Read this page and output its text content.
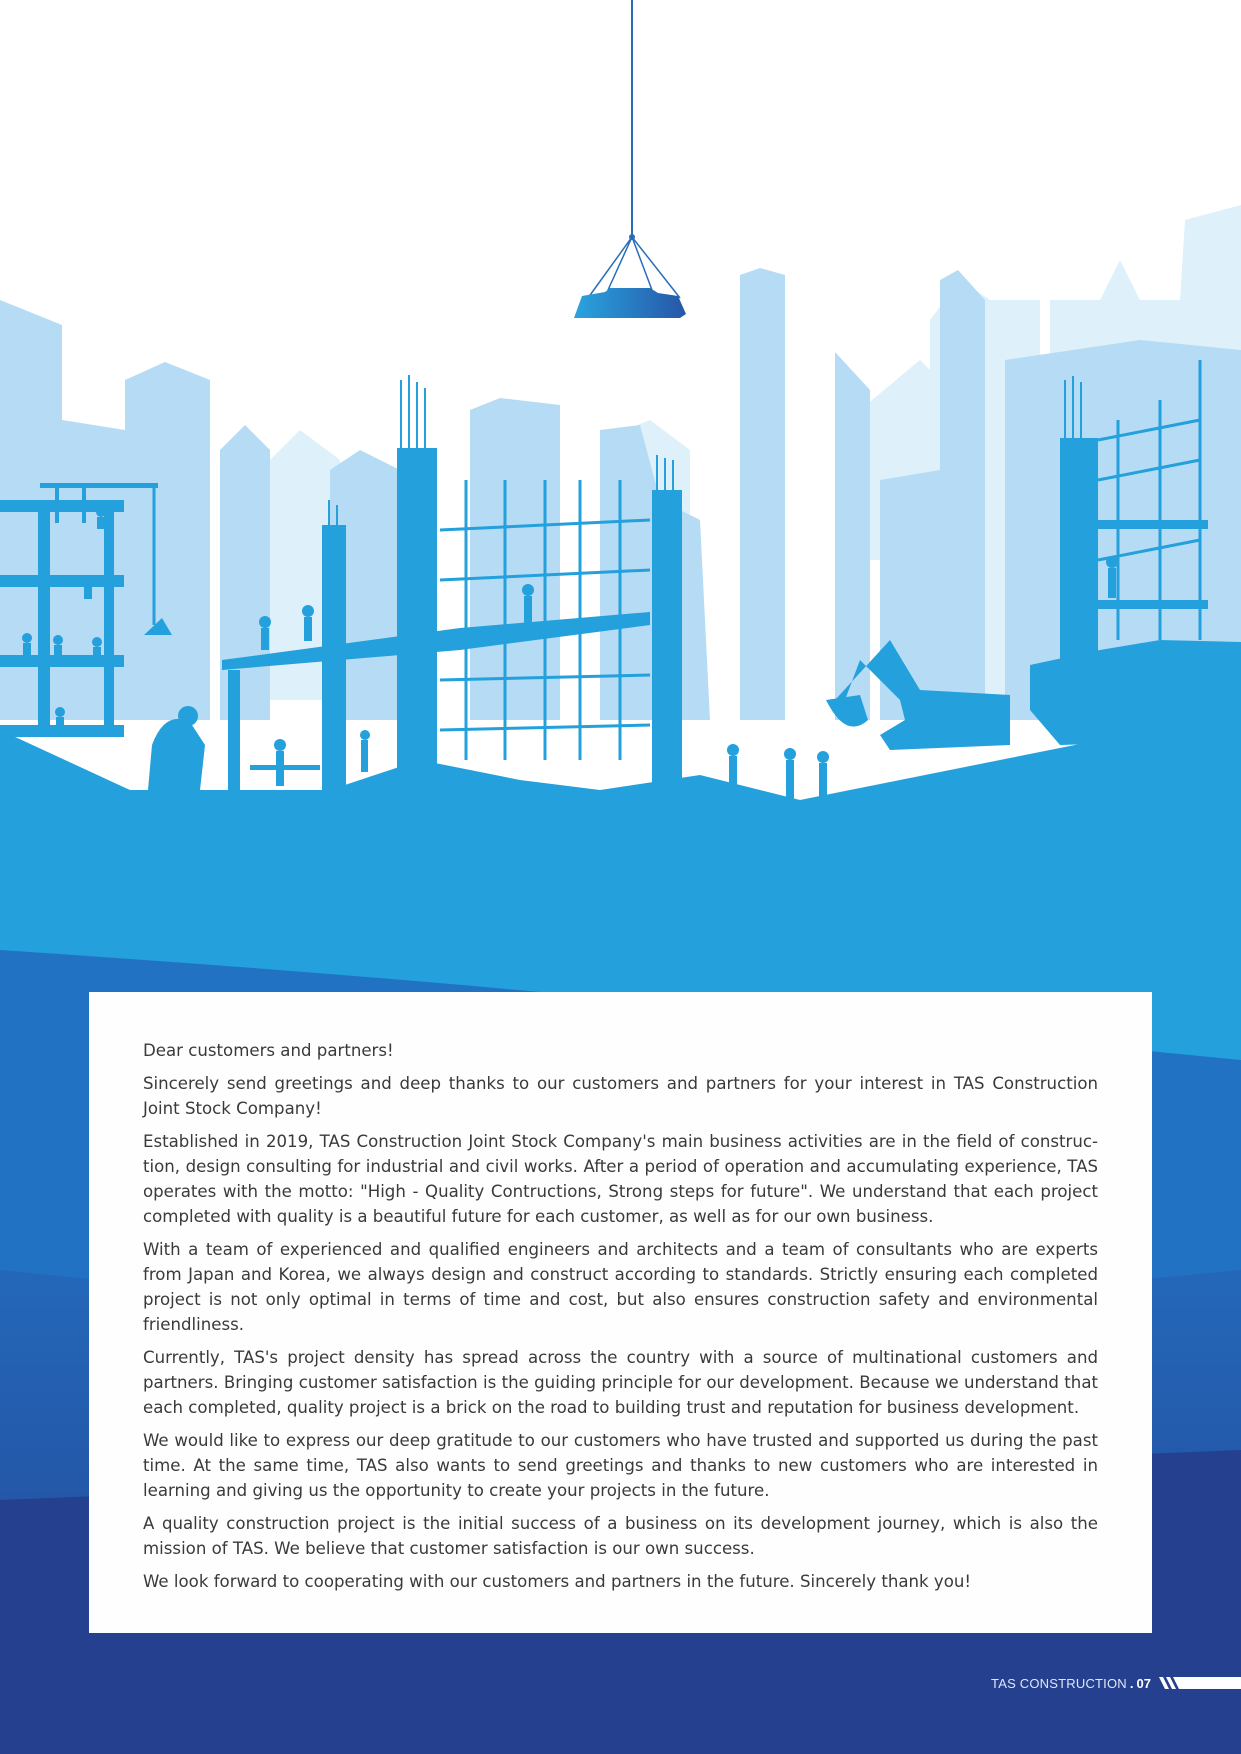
Dear customers and partners!

Sincerely send greetings and deep thanks to our customers and partners for your interest in TAS Construction Joint Stock Company!

Established in 2019, TAS Construction Joint Stock Company's main business activities are in the field of construc-tion, design consulting for industrial and civil works. After a period of operation and accumulating experience, TAS operates with the motto: "High - Quality Contructions, Strong steps for future". We understand that each project completed with quality is a beautiful future for each customer, as well as for our own business.

With a team of experienced and qualified engineers and architects and a team of consultants who are experts from Japan and Korea, we always design and construct according to standards. Strictly ensuring each completed project is not only optimal in terms of time and cost, but also ensures construction safety and environmental friendliness.

Currently, TAS's project density has spread across the country with a source of multinational customers and partners. Bringing customer satisfaction is the guiding principle for our development. Because we understand that each completed, quality project is a brick on the road to building trust and reputation for business development.

We would like to express our deep gratitude to our customers who have trusted and supported us during the past time. At the same time, TAS also wants to send greetings and thanks to new customers who are interested in learning and giving us the opportunity to create your projects in the future.

A quality construction project is the initial success of a business on its development journey, which is also the mission of TAS. We believe that customer satisfaction is our own success.

We look forward to cooperating with our customers and partners in the future. Sincerely thank you!

TAS CONSTRUCTION . 07
